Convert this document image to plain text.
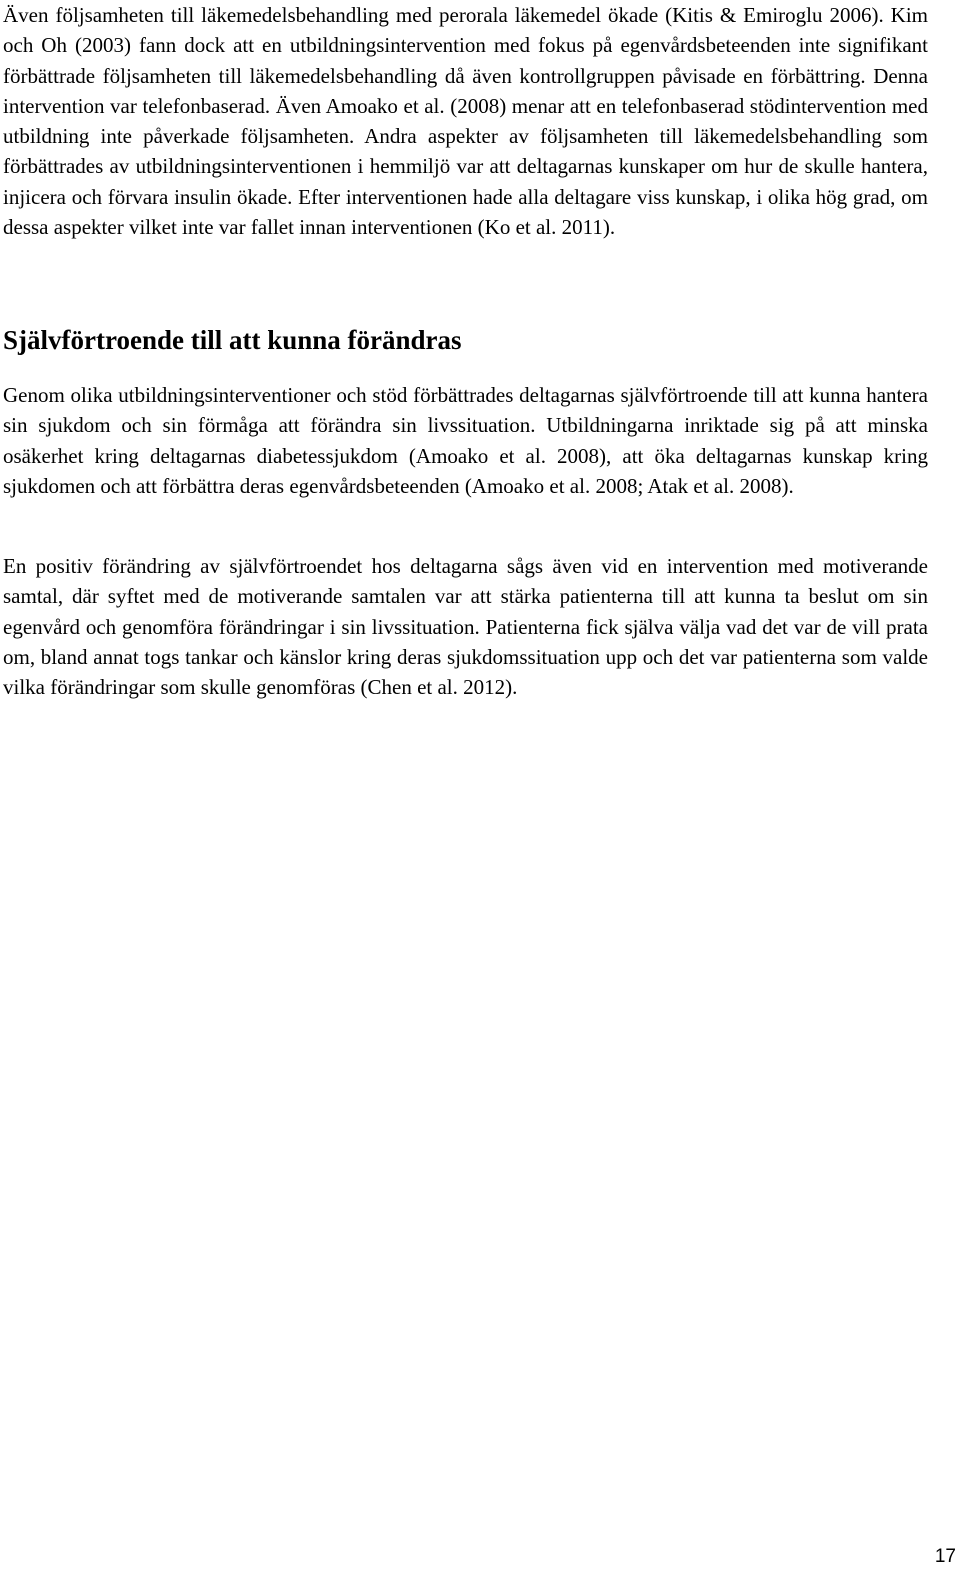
Även följsamheten till läkemedelsbehandling med perorala läkemedel ökade (Kitis & Emiroglu 2006). Kim och Oh (2003) fann dock att en utbildningsintervention med fokus på egenvårdsbeteenden inte signifikant förbättrade följsamheten till läkemedelsbehandling då även kontrollgruppen påvisade en förbättring. Denna intervention var telefonbaserad. Även Amoako et al. (2008) menar att en telefonbaserad stödintervention med utbildning inte påverkade följsamheten. Andra aspekter av följsamheten till läkemedelsbehandling som förbättrades av utbildningsinterventionen i hemmiljö var att deltagarnas kunskaper om hur de skulle hantera, injicera och förvara insulin ökade. Efter interventionen hade alla deltagare viss kunskap, i olika hög grad, om dessa aspekter vilket inte var fallet innan interventionen (Ko et al. 2011).

Självförtroende till att kunna förändras

Genom olika utbildningsinterventioner och stöd förbättrades deltagarnas självförtroende till att kunna hantera sin sjukdom och sin förmåga att förändra sin livssituation. Utbildningarna inriktade sig på att minska osäkerhet kring deltagarnas diabetessjukdom (Amoako et al. 2008), att öka deltagarnas kunskap kring sjukdomen och att förbättra deras egenvårdsbeteenden (Amoako et al. 2008; Atak et al. 2008).

En positiv förändring av självförtroendet hos deltagarna sågs även vid en intervention med motiverande samtal, där syftet med de motiverande samtalen var att stärka patienterna till att kunna ta beslut om sin egenvård och genomföra förändringar i sin livssituation. Patienterna fick själva välja vad det var de vill prata om, bland annat togs tankar och känslor kring deras sjukdomssituation upp och det var patienterna som valde vilka förändringar som skulle genomföras (Chen et al. 2012).

17
